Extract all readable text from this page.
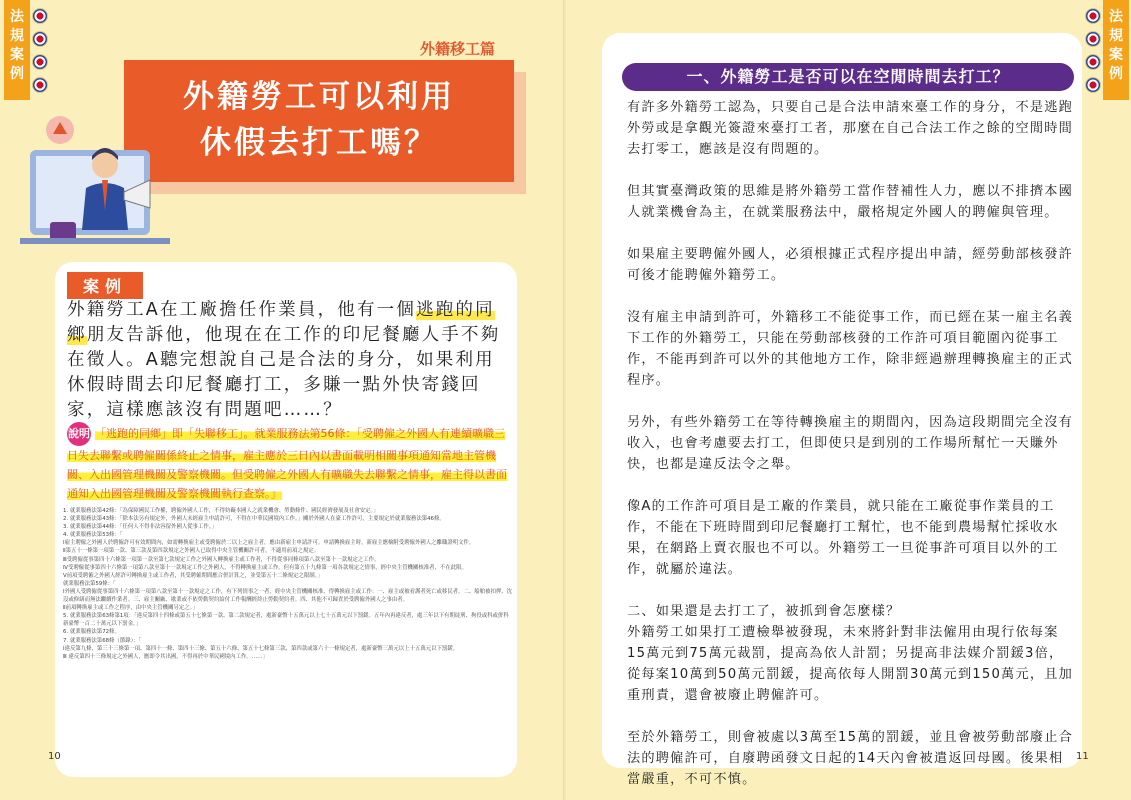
法規案例
外籍移工篇
外籍勞工可以利用
休假去打工嗎？
案例
外籍勞工A在工廠擔任作業員，他有一個逃跑的同鄉朋友告訴他，他現在在工作的印尼餐廳人手不夠在徵人。A聽完想說自己是合法的身分，如果利用休假時間去印尼餐廳打工，多賺一點外快寄錢回家，這樣應該沒有問題吧……？
說明 「逃跑的同鄉」即「失聯移工」。就業服務法第56條：「受聘僱之外國人有連續曠職三日失去聯繫或聘僱關係終止之情事，雇主應於三日內以書面載明相關事項通知當地主管機關、入出國管理機關及警察機關。但受聘僱之外國人有曠職失去聯繫之情事，雇主得以書面通知入出國管理機關及警察機關執行查察。」
1. 就業服務法第42條：「為保障國民工作權，聘僱外國人工作，不得妨礙本國人之就業機會、勞動條件、國民經濟發展及社會安定。」
2. 就業服務法第43條：「除本法另有規定外，外國人未經雇主申請許可，不得在中華民國境內工作。」關於外國人在臺工作許可，主要規定於就業服務法第46條。
3. 就業服務法第44條：「任何人不得非法容留外國人從事工作。」
4. 就業服務法第53條：「
Ⅰ雇主聘僱之外國人於聘僱許可有效期間內，如需轉換雇主或受聘僱於二以上之雇主者，應由新雇主申請許可。申請轉換雇主時，新雇主應檢附受聘僱外國人之離職證明文件。
Ⅱ第五十一條第一項第一款、第三款及第四款規定之外國人已取得中央主管機關許可者，不適用前項之規定。
Ⅲ受聘僱從事第四十六條第一項第一款至第七款規定工作之外國人轉換雇主或工作者，不得從事同條項第八款至第十一款規定之工作。
Ⅳ受聘僱從事第四十六條第一項第八款至第十一款規定工作之外國人，不得轉換雇主或工作。但有第五十九條第一項各款規定之情事，經中央主管機關核准者，不在此限。
Ⅴ前項受聘僱之外國人經許可轉換雇主或工作者，其受聘僱期間應合併計算之，並受第五十二條規定之限制。」
就業服務法第59條：「
Ⅰ外國人受聘僱從事第四十六條第一項第八款至第十一款規定之工作，有下列情事之一者，經中央主管機關核准，得轉換雇主或工作：一、雇主或被看護者死亡或移民者。二、船舶被扣押、沈沒或修繕而無法繼續作業者。三、雇主關廠、歇業或不依勞動契約給付工作報酬經終止勞動契約者。四、其他不可歸責於受聘僱外國人之事由者。
Ⅱ前項轉換雇主或工作之程序，由中央主管機關另定之。」
5. 就業服務法第63條第1項：「違反第四十四條或第五十七條第一款、第二款規定者，處新臺幣十五萬元以上七十五萬元以下罰鍰。五年內再違反者，處三年以下有期徒刑、拘役或科或併科新臺幣一百二十萬元以下罰金。」
6. 就業服務法第72條。
7. 就業服務法第68條（節錄）：「
Ⅰ違反第九條、第三十三條第一項、第四十一條、第四十三條、第五十六條、第五十七條第三款、第四款或第六十一條規定者，處新臺幣三萬元以上十五萬元以下罰鍰。
Ⅲ 違反第四十三條規定之外國人，應即令其出國，不得再於中華民國境內工作。……」
10
法規案例
一、外籍勞工是否可以在空閒時間去打工？

有許多外籍勞工認為，只要自己是合法申請來臺工作的身分，不是逃跑外勞或是拿觀光簽證來臺打工者，那麼在自己合法工作之餘的空閒時間去打零工，應該是沒有問題的。

但其實臺灣政策的思維是將外籍勞工當作替補性人力，應以不排擠本國人就業機會為主，在就業服務法中，嚴格規定外國人的聘僱與管理。

如果雇主要聘僱外國人，必須根據正式程序提出申請，經勞動部核發許可後才能聘僱外籍勞工。

沒有雇主申請到許可，外籍移工不能從事工作，而已經在某一雇主名義下工作的外籍勞工，只能在勞動部核發的工作許可項目範圍內從事工作，不能再到許可以外的其他地方工作，除非經過辦理轉換雇主的正式程序。

另外，有些外籍勞工在等待轉換雇主的期間內，因為這段期間完全沒有收入，也會考慮要去打工，但即使只是到別的工作場所幫忙一天賺外快，也都是違反法令之舉。

像A的工作許可項目是工廠的作業員，就只能在工廠從事作業員的工作，不能在下班時間到印尼餐廳打工幫忙，也不能到農場幫忙採收水果，在網路上賣衣服也不可以。外籍勞工一旦從事許可項目以外的工作，就屬於違法。

二、如果還是去打工了，被抓到會怎麼樣？
外籍勞工如果打工遭檢舉被發現，未來將針對非法僱用由現行依每案15萬元到75萬元裁罰，提高為依人計罰；另提高非法媒介罰鍰3倍，從每案10萬到50萬元罰鍰，提高依每人開罰30萬元到150萬元，且加重刑責，還會被廢止聘僱許可。

至於外籍勞工，則會被處以3萬至15萬的罰鍰，並且會被勞動部廢止合法的聘僱許可，自廢聘函發文日起的14天內會被遣返回母國。後果相當嚴重，不可不慎。

11
